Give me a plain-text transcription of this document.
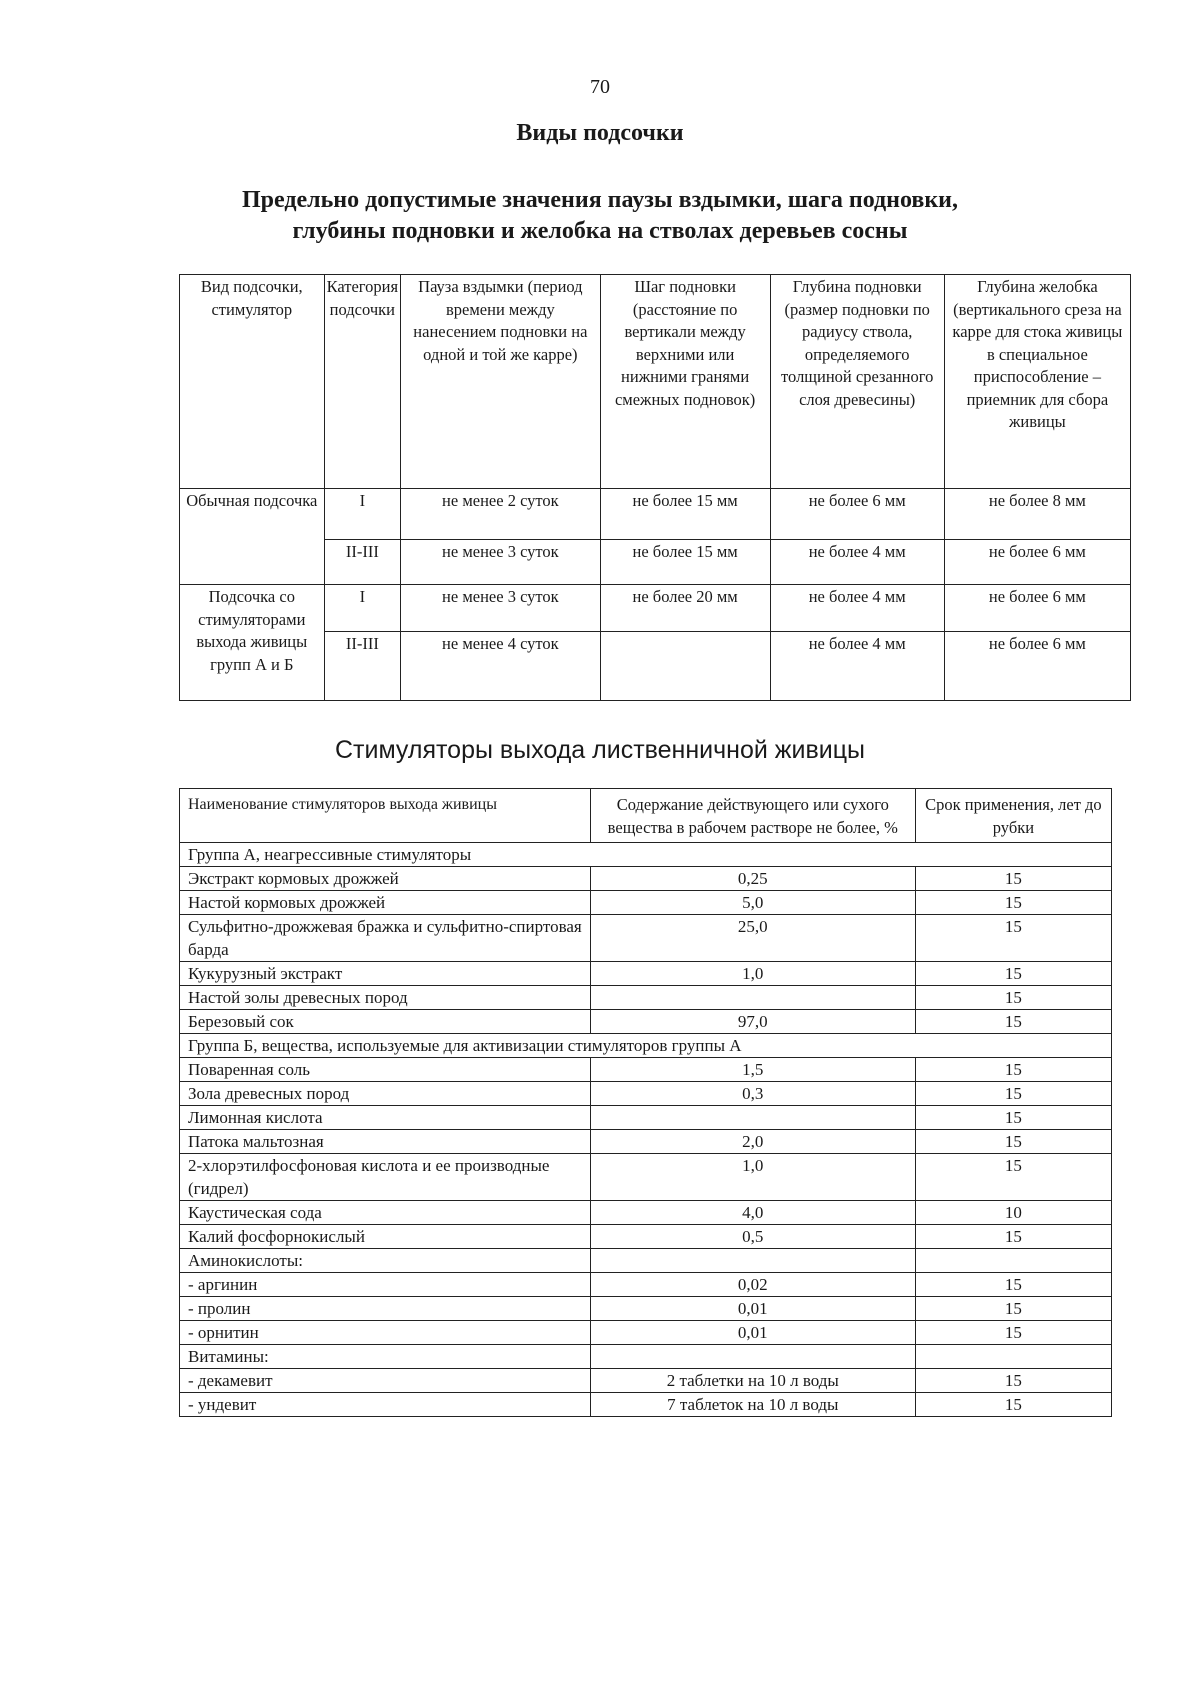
70
Виды подсочки
Предельно допустимые значения паузы вздымки, шага подновки,
глубины подновки и желобка на стволах деревьев сосны
Вид подсочки, стимулятор	Категория подсочки	Пауза вздымки (период времени между нанесением подновки на одной и той же карре)	Шаг подновки (расстояние по вертикали между верхними или нижними гранями смежных подновок)	Глубина подновки (размер подновки по радиусу ствола, определяемого толщиной срезанного слоя древесины)	Глубина желобка (вертикального среза на карре для стока живицы в специальное приспособление – приемник для сбора живицы
Обычная подсочка	I	не менее 2 суток	не более 15 мм	не более 6 мм	не более 8 мм
	II-III	не менее 3 суток	не более 15 мм	не более 4 мм	не более 6 мм
Подсочка со стимуляторами выхода живицы групп А и Б	I	не менее 3 суток	не более 20 мм	не более 4 мм	не более 6 мм
	II-III	не менее 4 суток		не более 4 мм	не более 6 мм
Стимуляторы выхода лиственничной живицы
Наименование стимуляторов выхода живицы	Содержание действующего или сухого вещества в рабочем растворе не более, %	Срок применения, лет до рубки
Группа А, неагрессивные стимуляторы		
Экстракт кормовых дрожжей	0,25	15
Настой кормовых дрожжей	5,0	15
Сульфитно-дрожжевая бражка и сульфитно-спиртовая барда	25,0	15
Кукурузный экстракт	1,0	15
Настой золы древесных пород		15
Березовый сок	97,0	15
Группа Б, вещества, используемые для активизации стимуляторов группы А		
Поваренная соль	1,5	15
Зола древесных пород	0,3	15
Лимонная кислота		15
Патока мальтозная	2,0	15
2-хлорэтилфосфоновая кислота и ее производные (гидрел)	1,0	15
Каустическая сода	4,0	10
Калий фосфорнокислый	0,5	15
Аминокислоты:		
- аргинин	0,02	15
- пролин	0,01	15
- орнитин	0,01	15
Витамины:		
- декамевит	2 таблетки на 10 л воды	15
- ундевит	7 таблеток на 10 л воды	15
